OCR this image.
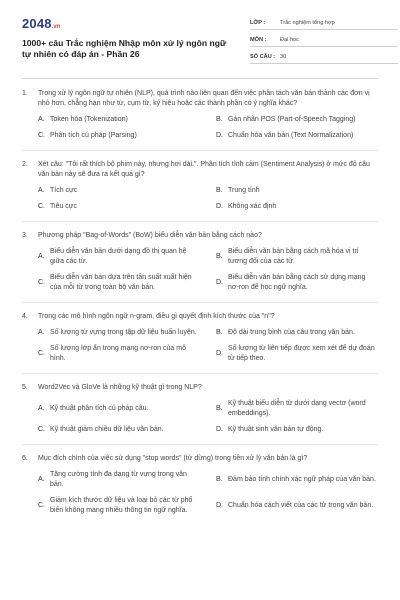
2048.vn
1000+ câu Trắc nghiệm Nhập môn xử lý ngôn ngữ tự nhiên có đáp án - Phần 26
LỚP :	Trắc nghiệm tổng hợp
MÔN :	Đại học
SỐ CÂU : 30
1.	Trong xử lý ngôn ngữ tự nhiên (NLP), quá trình nào liên quan đến việc phân tách văn bản thành các đơn vị nhỏ hơn, chẳng hạn như từ, cụm từ, ký hiệu hoặc các thành phần có ý nghĩa khác?
A. Token hóa (Tokenization)	B. Gán nhãn POS (Part-of-Speech Tagging)
C. Phân tích cú pháp (Parsing)	D. Chuẩn hóa văn bản (Text Normalization)
2.	Xét câu: "Tôi rất thích bộ phim này, nhưng hơi dài.". Phân tích tình cảm (Sentiment Analysis) ở mức độ câu văn bản này sẽ đưa ra kết quả gì?
A. Tích cực	B. Trung tính
C. Tiêu cực	D. Không xác định
3.	Phương pháp "Bag-of-Words" (BoW) biểu diễn văn bản bằng cách nào?
A.
Biểu diễn văn bản dưới dạng đồ thị quan hệ giữa các từ.
B.
Biểu diễn văn bản bằng cách mã hóa vị trí tương đối của các từ.
C.
Biểu diễn văn bản dựa trên tần suất xuất hiện của mỗi từ trong toàn bộ văn bản.
D.
Biểu diễn văn bản bằng cách sử dụng mạng nơ-ron để học ngữ nghĩa.
4.	Trong các mô hình ngôn ngữ n-gram, điều gì quyết định kích thước của "n"?
A. Số lượng từ vựng trong tập dữ liệu huấn luyện.	B. Độ dài trung bình của câu trong văn bản.
C.
Số lượng lớp ẩn trong mạng nơ-ron của mô hình.
D.
Số lượng từ liên tiếp được xem xét để dự đoán từ tiếp theo.
5.	Word2Vec và GloVe là những kỹ thuật gì trong NLP?
A. Kỹ thuật phân tích cú pháp câu.	B.
Kỹ thuật biểu diễn từ dưới dạng vectơ (word embeddings).
C. Kỹ thuật giảm chiều dữ liệu văn bản.	D. Kỹ thuật sinh văn bản tự động.
6.	Mục đích chính của việc sử dụng "stop words" (từ dừng) trong tiền xử lý văn bản là gì?
A.
Tăng cường tính đa dạng từ vựng trong văn bản.
B. Đảm bảo tính chính xác ngữ pháp của văn bản.
C.
Giảm kích thước dữ liệu và loại bỏ các từ phổ biến không mang nhiều thông tin ngữ nghĩa.
D. Chuẩn hóa cách viết của các từ trong văn bản.
